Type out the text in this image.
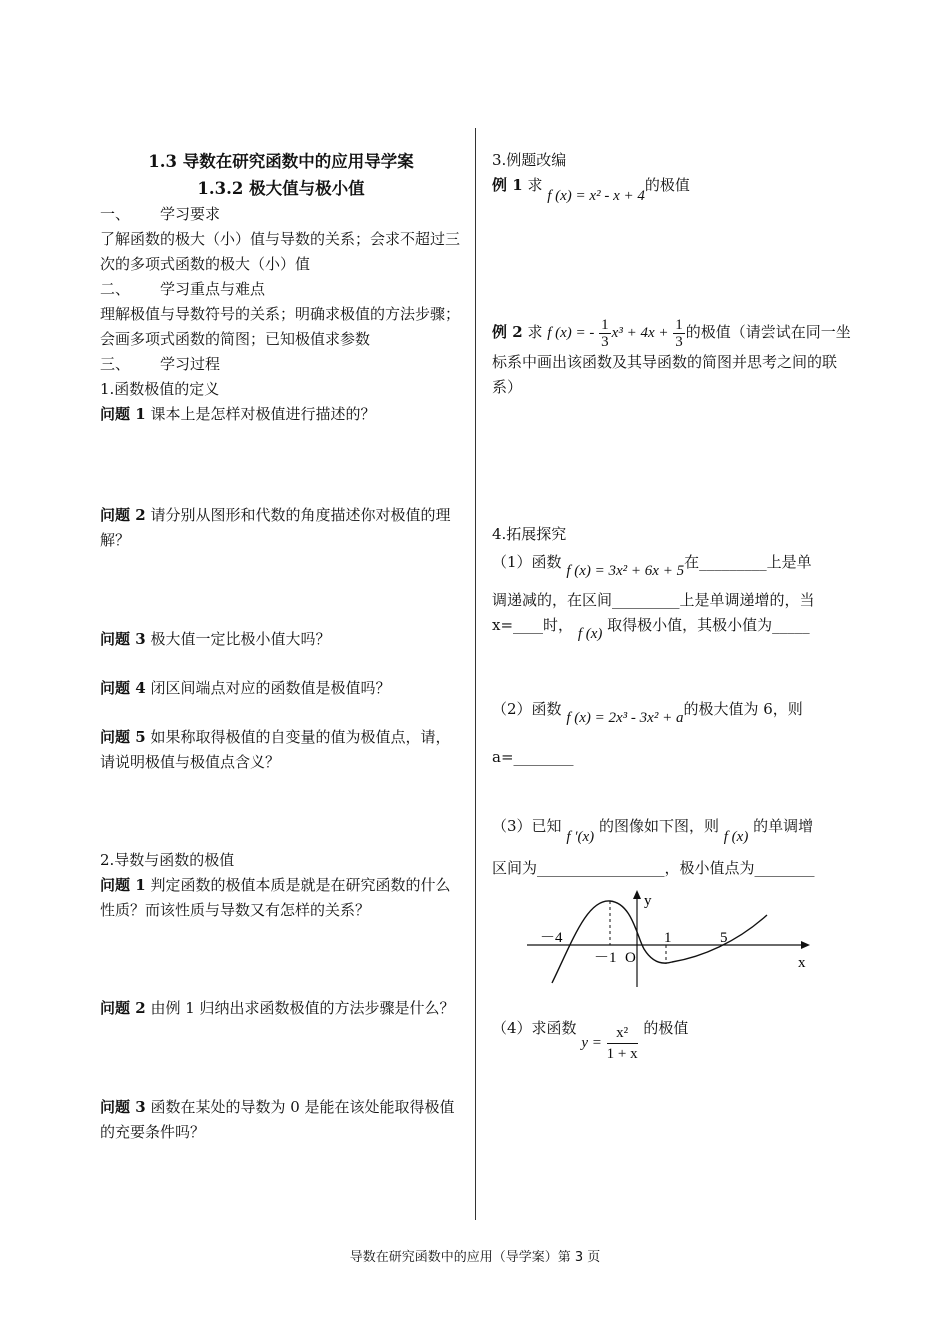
1.3 导数在研究函数中的应用导学案
1.3.2 极大值与极小值

一、 学习要求

了解函数的极大（小）值与导数的关系；会求不超过三次的多项式函数的极大（小）值

二、 学习重点与难点

理解极值与导数符号的关系；明确求极值的方法步骤；会画多项式函数的简图；已知极值求参数

三、 学习过程

1.函数极值的定义

问题 1 课本上是怎样对极值进行描述的？

问题 2 请分别从图形和代数的角度描述你对极值的理解？

问题 3 极大值一定比极小值大吗？

问题 4 闭区间端点对应的函数值是极值吗？

问题 5 如果称取得极值的自变量的值为极值点，请，请说明极值与极值点含义？

2.导数与函数的极值

问题 1 判定函数的极值本质是就是在研究函数的什么性质？而该性质与导数又有怎样的关系？

问题 2 由例 1 归纳出求函数极值的方法步骤是什么？

问题 3 函数在某处的导数为 0 是能在该处能取得极值的充要条件吗？

3.例题改编

例 1 求 f (x) = x² - x + 4的极值

例 2 求 f (x) = - $\frac{1}{3} x^3 + 4x + \frac{1}{3}$ 的极值（请尝试在同一坐标系中画出该函数及其导函数的简图并思考之间的联系）

4.拓展探究

（1）函数 f (x) = 3x² + 6x + 5在_________上是单

调递减的，在区间_________上是单调递增的，当

x=____时， f (x) 取得极小值，其极小值为_____

（2）函数 f (x) = 2x³ - 3x² + a的极大值为 6，则

a=________

（3）已知 f ′(x) 的图像如下图，则 f (x) 的单调增

区间为_________________，极小值点为________

y
x
－4
－1 O
1	5

（4）求函数 $y = \frac{\text{x²}}{1 + x}$ 的极值

导数在研究函数中的应用（导学案）第 3 页
